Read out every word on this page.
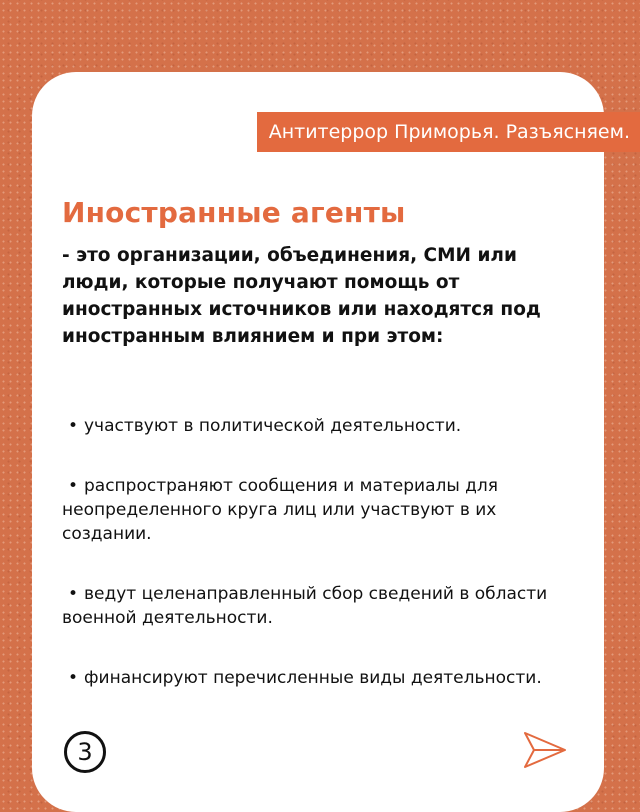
Антитеррор Приморья. Разъясняем.
Иностранные агенты

- это организации, объединения, СМИ или люди, которые получают помощь от иностранных источников или находятся под иностранным влиянием и при этом:

• участвуют в политической деятельности.
• распространяют сообщения и материалы для неопределенного круга лиц или участвуют в их создании.
• ведут целенаправленный сбор сведений в области военной деятельности.
• финансируют перечисленные виды деятельности.
3
